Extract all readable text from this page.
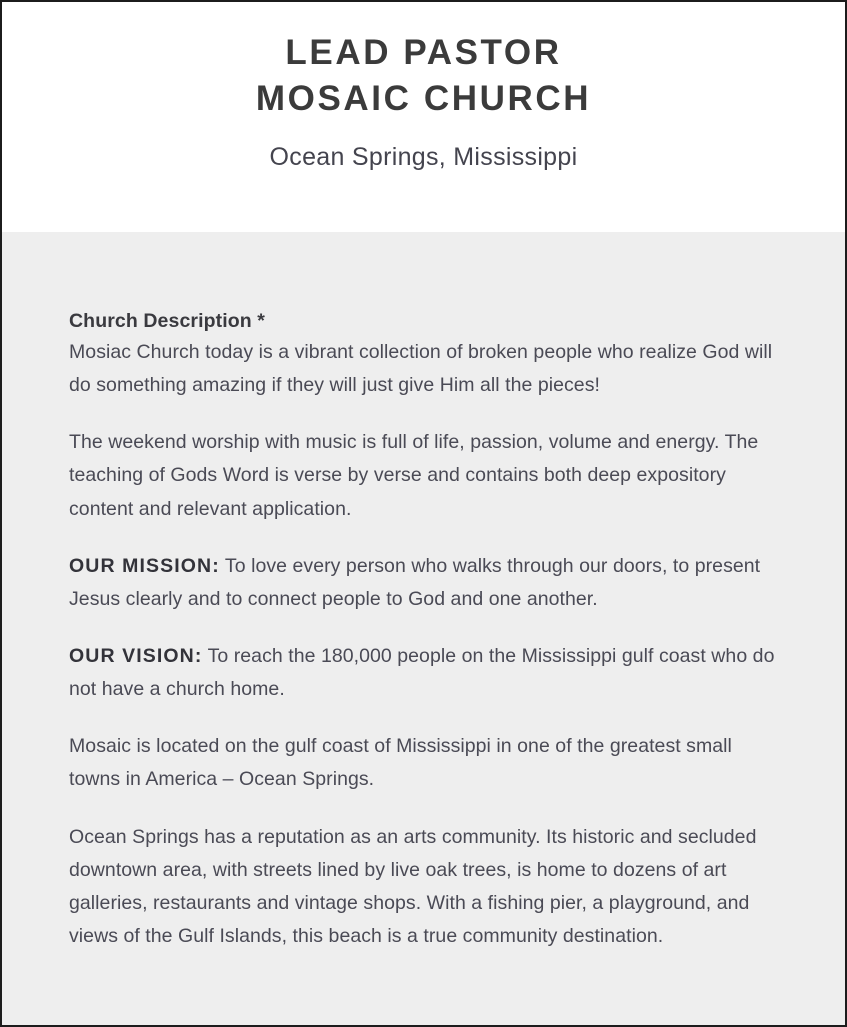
LEAD PASTOR
MOSAIC CHURCH

Ocean Springs, Mississippi

Church Description *

Mosiac Church today is a vibrant collection of broken people who realize God will do something amazing if they will just give Him all the pieces!

The weekend worship with music is full of life, passion, volume and energy. The teaching of Gods Word is verse by verse and contains both deep expository content and relevant application.

OUR MISSION: To love every person who walks through our doors, to present Jesus clearly and to connect people to God and one another.

OUR VISION: To reach the 180,000 people on the Mississippi gulf coast who do not have a church home.

Mosaic is located on the gulf coast of Mississippi in one of the greatest small towns in America – Ocean Springs.

Ocean Springs has a reputation as an arts community. Its historic and secluded downtown area, with streets lined by live oak trees, is home to dozens of art galleries, restaurants and vintage shops. With a fishing pier, a playground, and views of the Gulf Islands, this beach is a true community destination.
